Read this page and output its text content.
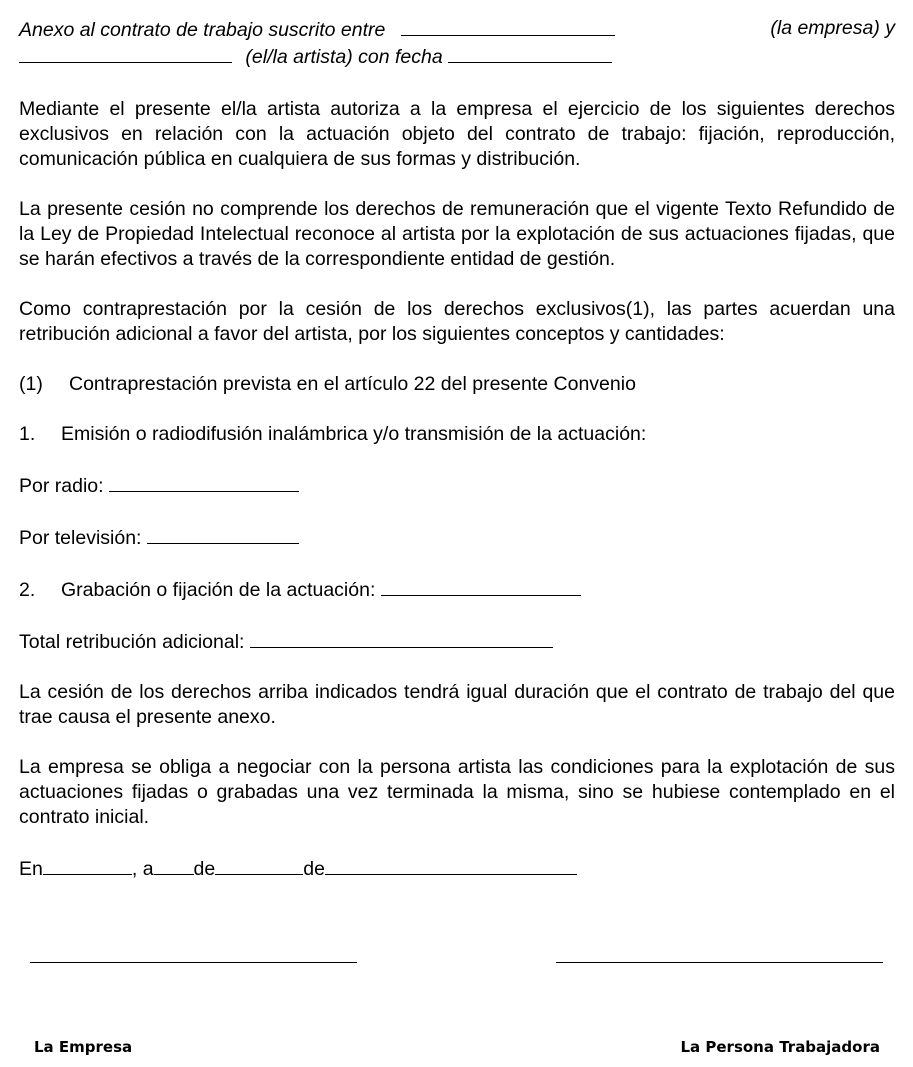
Anexo al contrato de trabajo suscrito entre	(la empresa) y

(el/la artista) con fecha

Mediante el presente el/la artista autoriza a la empresa el ejercicio de los siguientes derechos exclusivos en relación con la actuación objeto del contrato de trabajo: fijación, reproducción, comunicación pública en cualquiera de sus formas y distribución.

La presente cesión no comprende los derechos de remuneración que el vigente Texto Refundido de la Ley de Propiedad Intelectual reconoce al artista por la explotación de sus actuaciones fijadas, que se harán efectivos a través de la correspondiente entidad de gestión.

Como contraprestación por la cesión de los derechos exclusivos(1), las partes acuerdan una retribución adicional a favor del artista, por los siguientes conceptos y cantidades:

(1) Contraprestación prevista en el artículo 22 del presente Convenio

1. Emisión o radiodifusión inalámbrica y/o transmisión de la actuación:

Por radio:

Por televisión:

2. Grabación o fijación de la actuación:

Total retribución adicional:

La cesión de los derechos arriba indicados tendrá igual duración que el contrato de trabajo del que trae causa el presente anexo.

La empresa se obliga a negociar con la persona artista las condiciones para la explotación de sus actuaciones fijadas o grabadas una vez terminada la misma, sino se hubiese contemplado en el contrato inicial.

En	, a de	de

La Empresa	La Persona Trabajadora
